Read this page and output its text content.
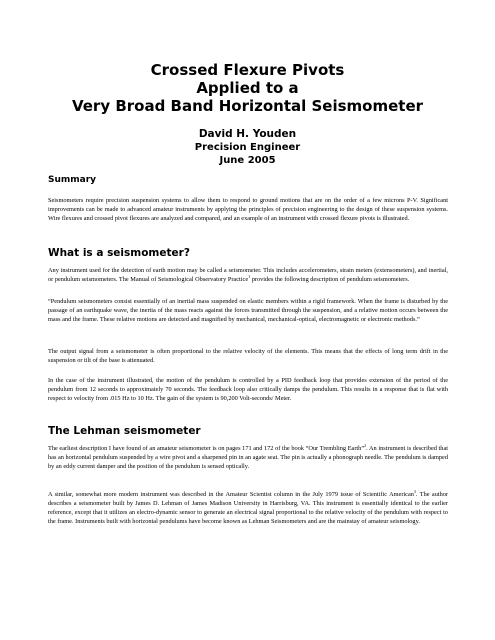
Crossed Flexure Pivots
Applied to a
Very Broad Band Horizontal Seismometer
David H. Youden
Precision Engineer
June 2005
Summary

Seismometers require precision suspension systems to allow them to respond to ground motions that are on the order of a few microns P-V. Significant improvements can be made to advanced amateur instruments by applying the principles of precision engineering to the design of these suspension systems. Wire flexures and crossed pivot flexures are analyzed and compared, and an example of an instrument with crossed flexure pivots is illustrated.

What is a seismometer?

Any instrument used for the detection of earth motion may be called a seismometer. This includes accelerometers, strain meters (extensometers), and inertial, or pendulum seismometers. The Manual of Seismological Observatory Practice$^1$ provides the following description of pendulum seismometers.

“Pendulum seismometers consist essentially of an inertial mass suspended on elastic members within a rigid framework. When the frame is disturbed by the passage of an earthquake wave, the inertia of the mass reacts against the forces transmitted through the suspension, and a relative motion occurs between the mass and the frame. These relative motions are detected and magnified by mechanical, mechanical-optical, electromagnetic or electronic methods.”

The output signal from a seismometer is often proportional to the relative velocity of the elements. This means that the effects of long term drift in the suspension or tilt of the base is attenuated.

In the case of the instrument illustrated, the motion of the pendulum is controlled by a PID feedback loop that provides extension of the period of the pendulum from 12 seconds to approximately 70 seconds. The feedback loop also critically damps the pendulum. This results in a response that is flat with respect to velocity from .015 Hz to 10 Hz. The gain of the system is 90,200 Volt-seconds/ Meter.

The Lehman seismometer

The earliest description I have found of an amateur seismometer is on pages 171 and 172 of the book “Our Trembling Earth”$^2$. An instrument is described that has an horizontal pendulum suspended by a wire pivot and a sharpened pin in an agate seat. The pin is actually a phonograph needle. The pendulum is damped by an eddy current damper and the position of the pendulum is sensed optically.

A similar, somewhat more modern instrument was described in the Amateur Scientist column in the July 1979 issue of Scientific American$^3$. The author describes a seismometer built by James D. Lehman of James Madison University in Harrisburg, VA. This instrument is essentially identical to the earlier reference, except that it utilizes an electro-dynamic sensor to generate an electrical signal proportional to the relative velocity of the pendulum with respect to the frame. Instruments built with horizontal pendulums have become known as Lehman Seismometers and are the mainstay of amateur seismology.
